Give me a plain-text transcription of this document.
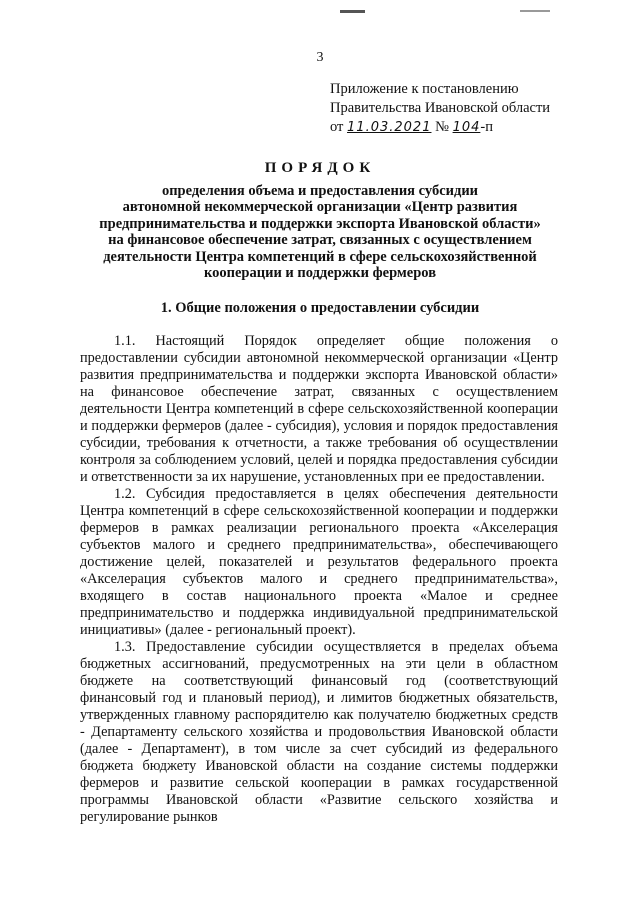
3
Приложение к постановлению
Правительства Ивановской области
от 11.03.2021 № 104-п
ПОРЯДОК
определения объема и предоставления субсидии
автономной некоммерческой организации «Центр развития
предпринимательства и поддержки экспорта Ивановской области»
на финансовое обеспечение затрат, связанных с осуществлением
деятельности Центра компетенций в сфере сельскохозяйственной
кооперации и поддержки фермеров
1. Общие положения о предоставлении субсидии

1.1. Настоящий Порядок определяет общие положения о предоставлении субсидии автономной некоммерческой организации «Центр развития предпринимательства и поддержки экспорта Ивановской области» на финансовое обеспечение затрат, связанных с осуществлением деятельности Центра компетенций в сфере сельскохозяйственной кооперации и поддержки фермеров (далее - субсидия), условия и порядок предоставления субсидии, требования к отчетности, а также требования об осуществлении контроля за соблюдением условий, целей и порядка предоставления субсидии и ответственности за их нарушение, установленных при ее предоставлении.

1.2. Субсидия предоставляется в целях обеспечения деятельности Центра компетенций в сфере сельскохозяйственной кооперации и поддержки фермеров в рамках реализации регионального проекта «Акселерация субъектов малого и среднего предпринимательства», обеспечивающего достижение целей, показателей и результатов федерального проекта «Акселерация субъектов малого и среднего предпринимательства», входящего в состав национального проекта «Малое и среднее предпринимательство и поддержка индивидуальной предпринимательской инициативы» (далее - региональный проект).

1.3. Предоставление субсидии осуществляется в пределах объема бюджетных ассигнований, предусмотренных на эти цели в областном бюджете на соответствующий финансовый год (соответствующий финансовый год и плановый период), и лимитов бюджетных обязательств, утвержденных главному распорядителю как получателю бюджетных средств - Департаменту сельского хозяйства и продовольствия Ивановской области (далее - Департамент), в том числе за счет субсидий из федерального бюджета бюджету Ивановской области на создание системы поддержки фермеров и развитие сельской кооперации в рамках государственной программы Ивановской области «Развитие сельского хозяйства и регулирование рынков
